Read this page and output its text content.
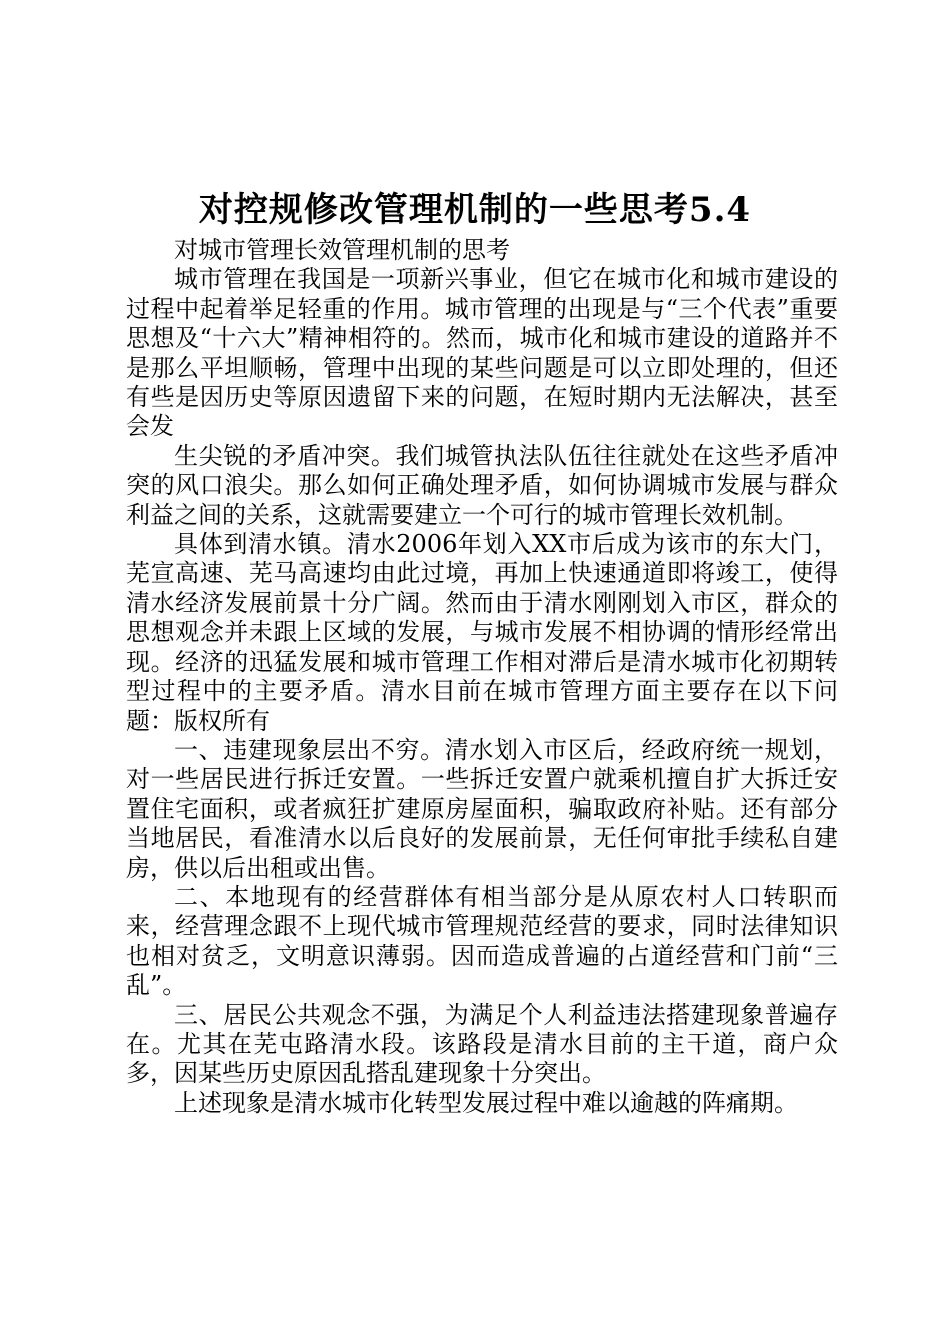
对控规修改管理机制的一些思考5.4

对城市管理长效管理机制的思考

城市管理在我国是一项新兴事业，但它在城市化和城市建设的过程中起着举足轻重的作用。城市管理的出现是与“三个代表”重要思想及“十六大”精神相符的。然而，城市化和城市建设的道路并不是那么平坦顺畅，管理中出现的某些问题是可以立即处理的，但还有些是因历史等原因遗留下来的问题，在短时期内无法解决，甚至会发

生尖锐的矛盾冲突。我们城管执法队伍往往就处在这些矛盾冲突的风口浪尖。那么如何正确处理矛盾，如何协调城市发展与群众利益之间的关系，这就需要建立一个可行的城市管理长效机制。

具体到清水镇。清水2006年划入XX市后成为该市的东大门，芜宣高速、芜马高速均由此过境，再加上快速通道即将竣工，使得清水经济发展前景十分广阔。然而由于清水刚刚划入市区，群众的思想观念并未跟上区域的发展，与城市发展不相协调的情形经常出现。经济的迅猛发展和城市管理工作相对滞后是清水城市化初期转型过程中的主要矛盾。清水目前在城市管理方面主要存在以下问题：版权所有

一、违建现象层出不穷。清水划入市区后，经政府统一规划，对一些居民进行拆迁安置。一些拆迁安置户就乘机擅自扩大拆迁安置住宅面积，或者疯狂扩建原房屋面积，骗取政府补贴。还有部分当地居民，看准清水以后良好的发展前景，无任何审批手续私自建房，供以后出租或出售。

二、本地现有的经营群体有相当部分是从原农村人口转职而来，经营理念跟不上现代城市管理规范经营的要求，同时法律知识也相对贫乏，文明意识薄弱。因而造成普遍的占道经营和门前“三乱”。

三、居民公共观念不强，为满足个人利益违法搭建现象普遍存在。尤其在芜屯路清水段。该路段是清水目前的主干道，商户众多，因某些历史原因乱搭乱建现象十分突出。

上述现象是清水城市化转型发展过程中难以逾越的阵痛期。
